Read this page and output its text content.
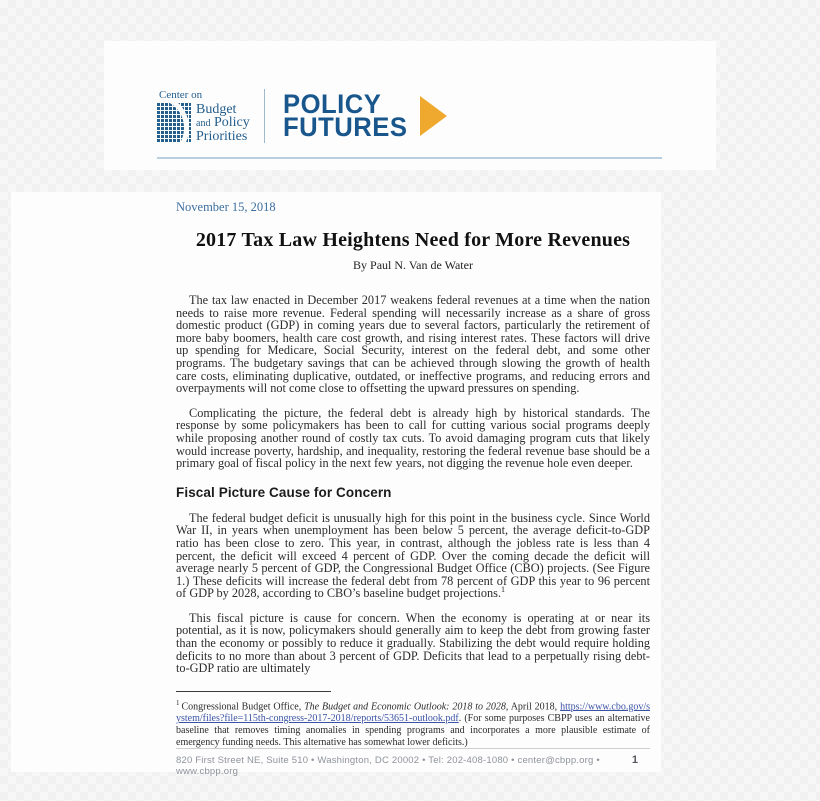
Center on
Budget
and Policy
Priorities
POLICY
FUTURES
November 15, 2018
2017 Tax Law Heightens Need for More Revenues
By Paul N. Van de Water

The tax law enacted in December 2017 weakens federal revenues at a time when the nation needs to raise more revenue. Federal spending will necessarily increase as a share of gross domestic product (GDP) in coming years due to several factors, particularly the retirement of more baby boomers, health care cost growth, and rising interest rates. These factors will drive up spending for Medicare, Social Security, interest on the federal debt, and some other programs. The budgetary savings that can be achieved through slowing the growth of health care costs, eliminating duplicative, outdated, or ineffective programs, and reducing errors and overpayments will not come close to offsetting the upward pressures on spending.

Complicating the picture, the federal debt is already high by historical standards. The response by some policymakers has been to call for cutting various social programs deeply while proposing another round of costly tax cuts. To avoid damaging program cuts that likely would increase poverty, hardship, and inequality, restoring the federal revenue base should be a primary goal of fiscal policy in the next few years, not digging the revenue hole even deeper.

Fiscal Picture Cause for Concern

The federal budget deficit is unusually high for this point in the business cycle. Since World War II, in years when unemployment has been below 5 percent, the average deficit-to-GDP ratio has been close to zero. This year, in contrast, although the jobless rate is less than 4 percent, the deficit will exceed 4 percent of GDP. Over the coming decade the deficit will average nearly 5 percent of GDP, the Congressional Budget Office (CBO) projects. (See Figure 1.) These deficits will increase the federal debt from 78 percent of GDP this year to 96 percent of GDP by 2028, according to CBO’s baseline budget projections.$^1$

This fiscal picture is cause for concern. When the economy is operating at or near its potential, as it is now, policymakers should generally aim to keep the debt from growing faster than the economy or possibly to reduce it gradually. Stabilizing the debt would require holding deficits to no more than about 3 percent of GDP. Deficits that lead to a perpetually rising debt-to-GDP ratio are ultimately

$^1$ Congressional Budget Office, The Budget and Economic Outlook: 2018 to 2028, April 2018, https://www.cbo.gov/system/files?file=115th-congress-2017-2018/reports/53651-outlook.pdf. (For some purposes CBPP uses an alternative baseline that removes timing anomalies in spending programs and incorporates a more plausible estimate of emergency funding needs. This alternative has somewhat lower deficits.)
820 First Street NE, Suite 510 • Washington, DC 20002 • Tel: 202-408-1080 • center@cbpp.org • www.cbpp.org
1
